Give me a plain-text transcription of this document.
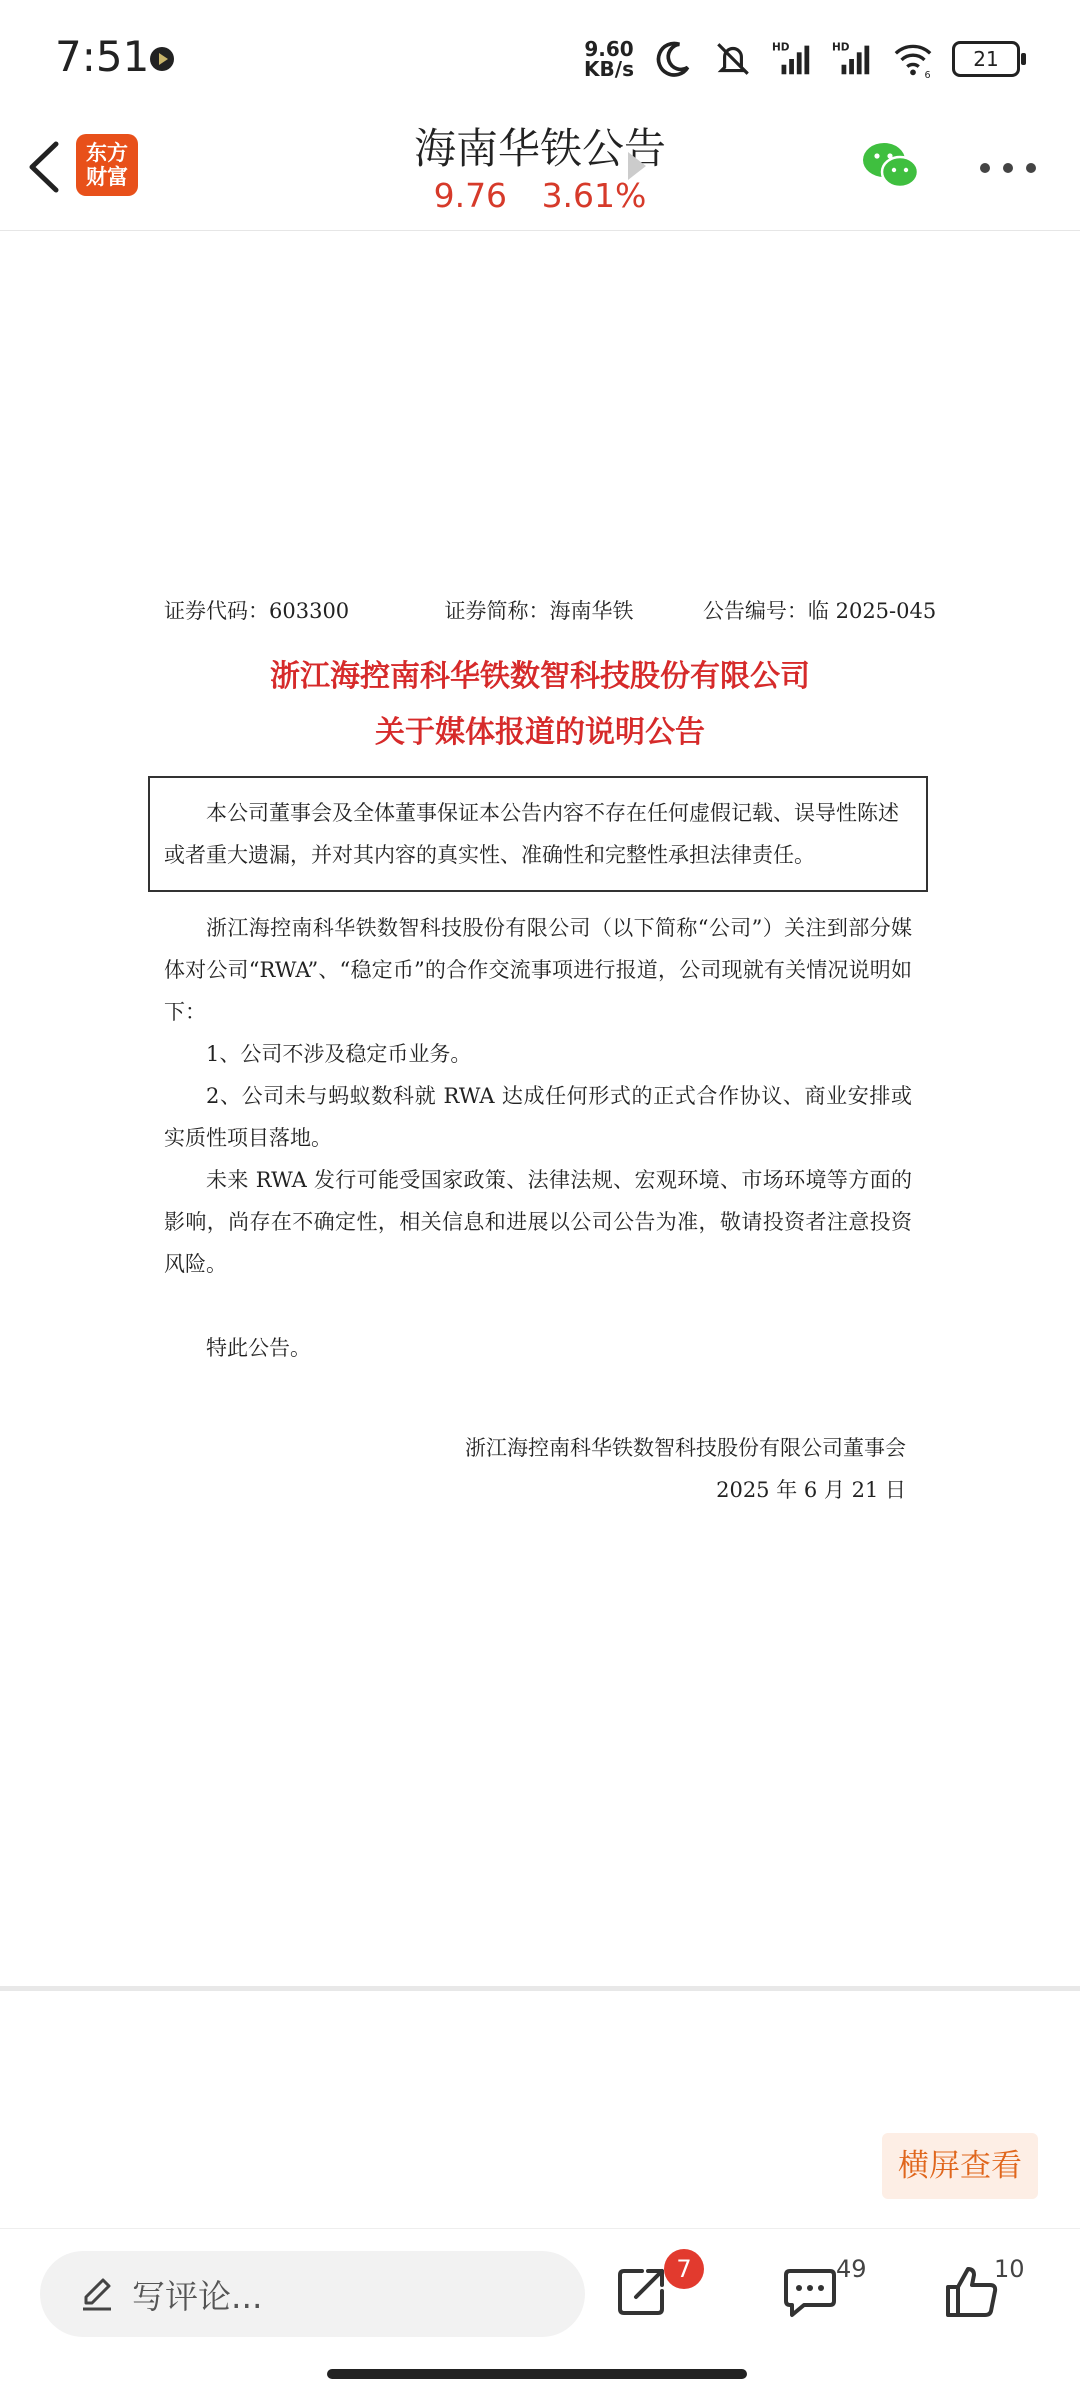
7:51	9.60
KB/s
HD	HD
6
21
东方
财富
海南华铁公告
9.76 3.61%
证券代码：603300	证券简称：海南华铁	公告编号：临 2025-045
浙江海控南科华铁数智科技股份有限公司
关于媒体报道的说明公告
本公司董事会及全体董事保证本公告内容不存在任何虚假记载、误导性陈述或者重大遗漏，并对其内容的真实性、准确性和完整性承担法律责任。

浙江海控南科华铁数智科技股份有限公司（以下简称“公司”）关注到部分媒体对公司“RWA”、“稳定币”的合作交流事项进行报道，公司现就有关情况说明如下：

1、公司不涉及稳定币业务。

2、公司未与蚂蚁数科就 RWA 达成任何形式的正式合作协议、商业安排或实质性项目落地。

未来 RWA 发行可能受国家政策、法律法规、宏观环境、市场环境等方面的影响，尚存在不确定性，相关信息和进展以公司公告为准，敬请投资者注意投资风险。

特此公告。

浙江海控南科华铁数智科技股份有限公司董事会
2025 年 6 月 21 日
横屏查看
写评论...
7	49	10
